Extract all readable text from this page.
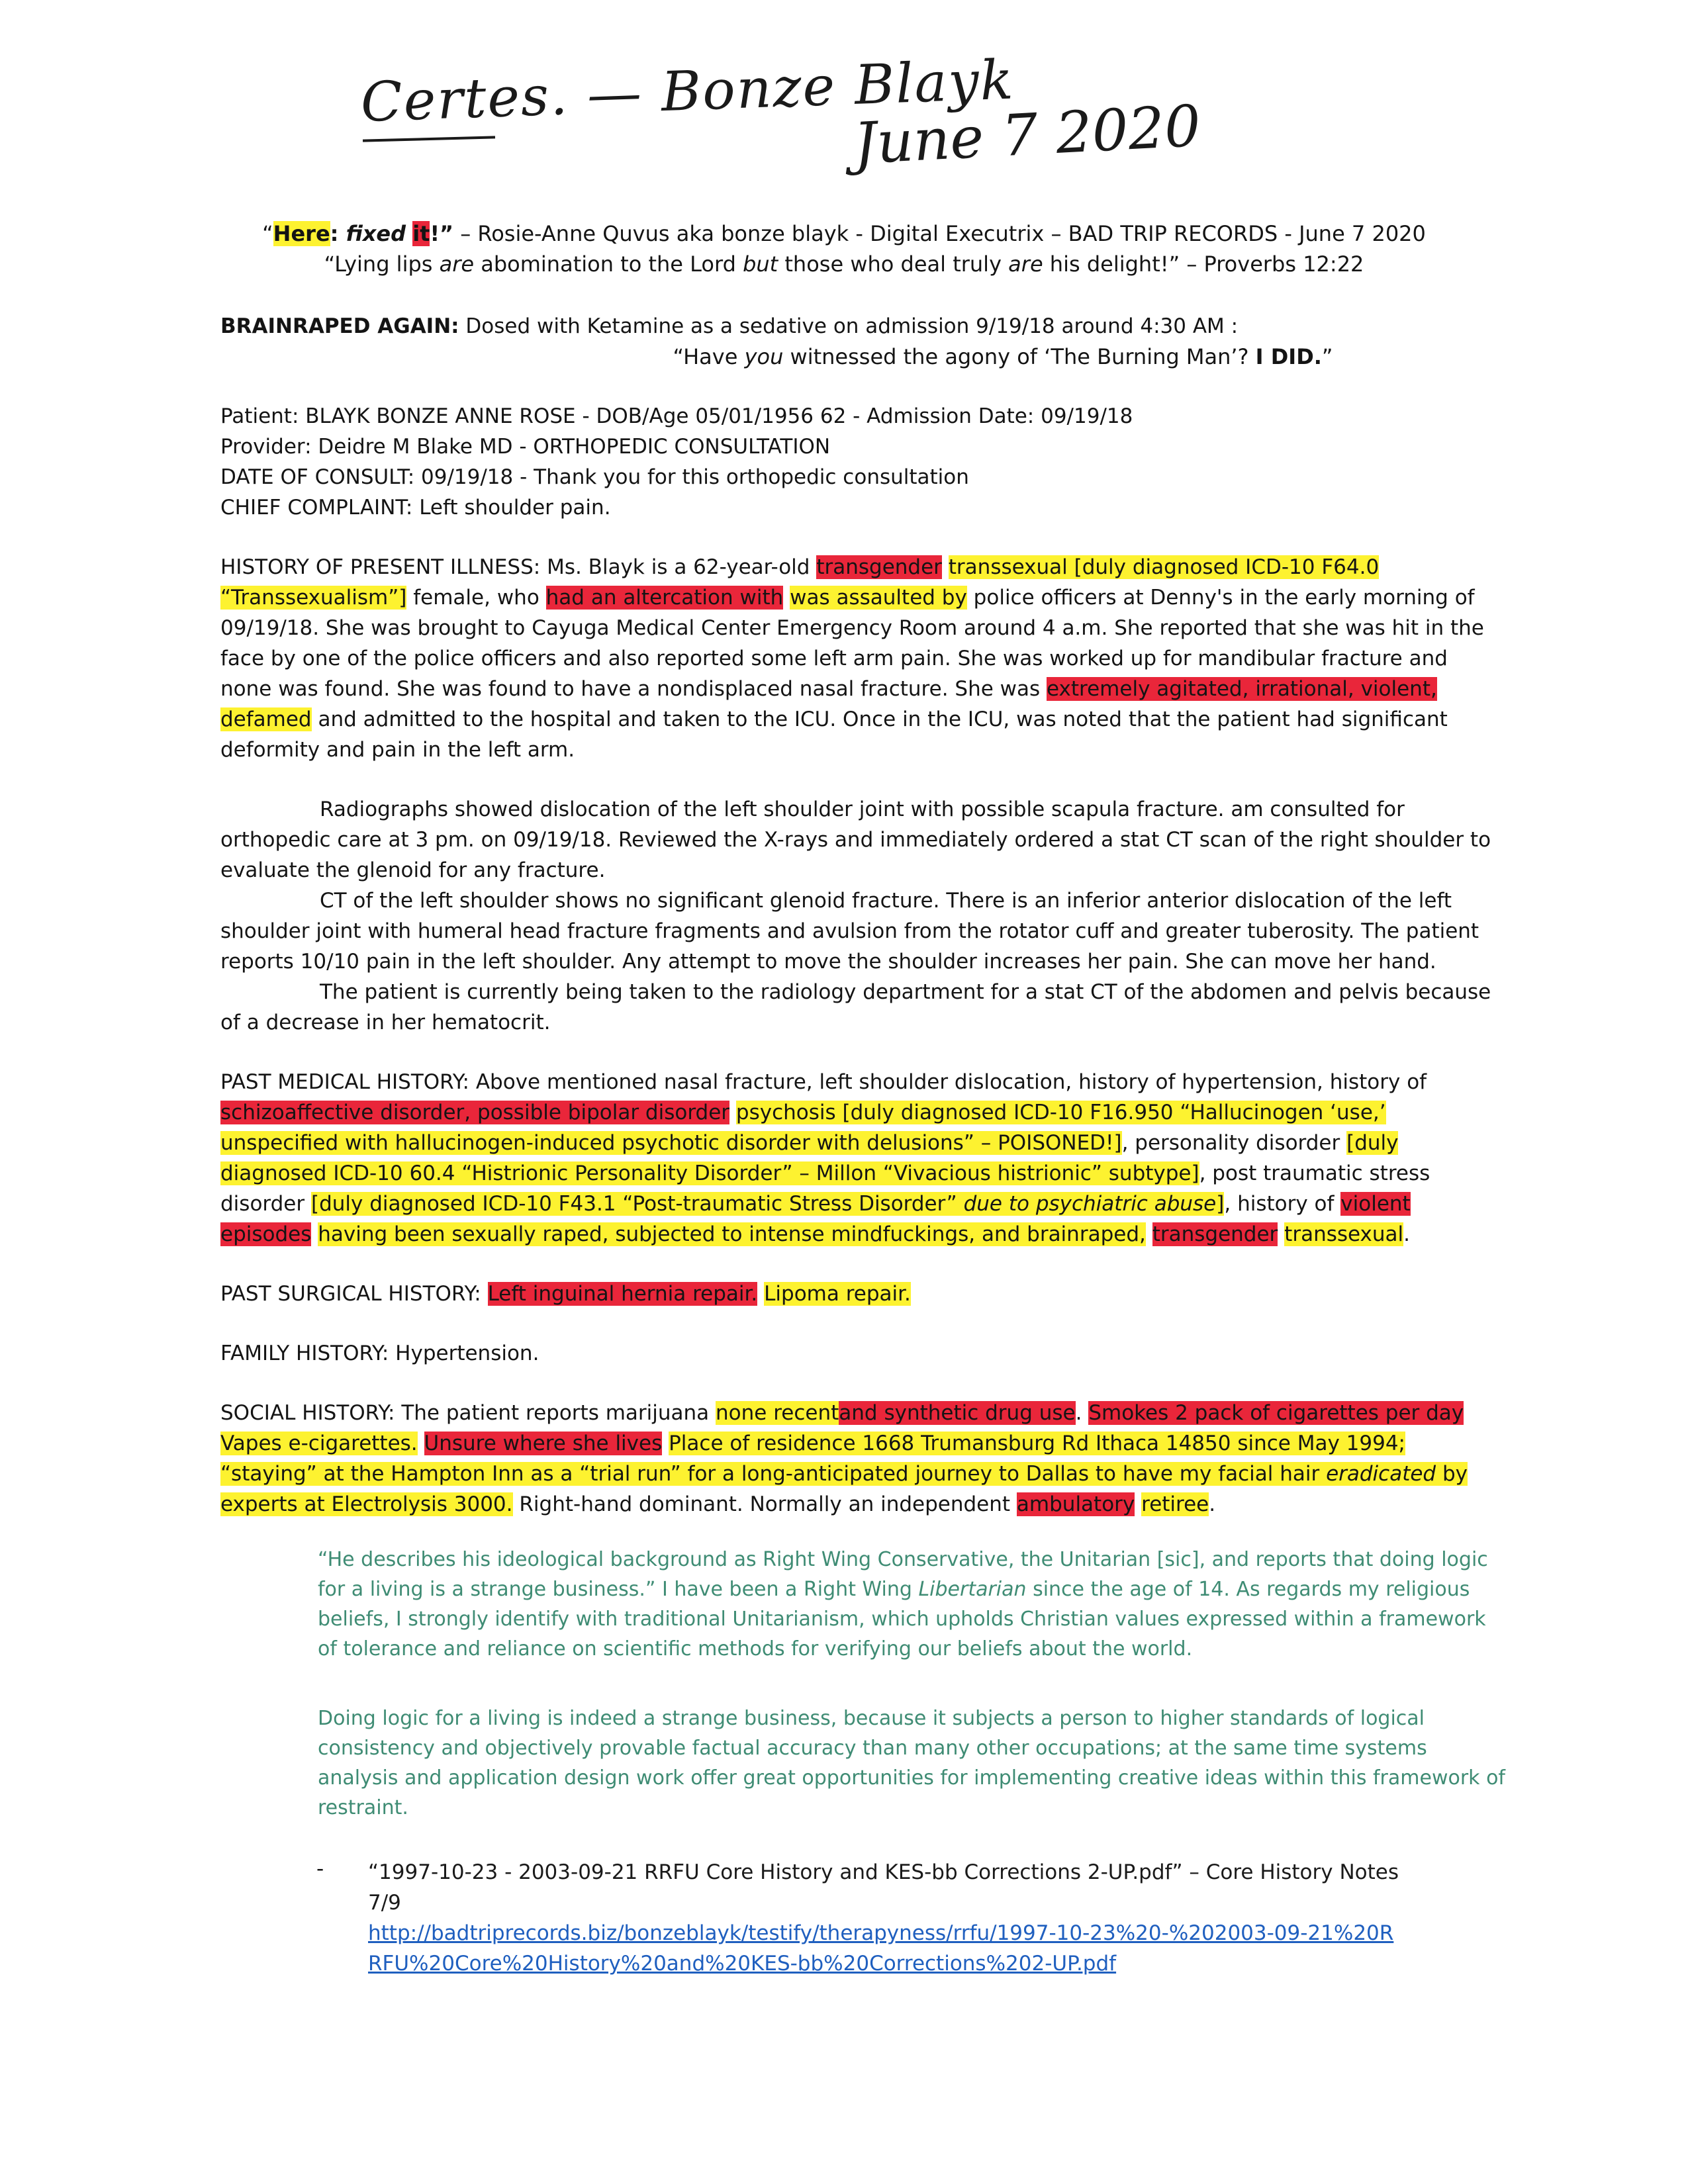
Certes. — Bonze Blayk
June 7 2020
“Here: fixed it!” – Rosie-Anne Quvus aka bonze blayk - Digital Executrix – BAD TRIP RECORDS - June 7 2020
“Lying lips are abomination to the Lord but those who deal truly are his delight!” – Proverbs 12:22
BRAINRAPED AGAIN: Dosed with Ketamine as a sedative on admission 9/19/18 around 4:30 AM :
“Have you witnessed the agony of ‘The Burning Man’? I DID.”
Patient: BLAYK BONZE ANNE ROSE - DOB/Age 05/01/1956 62 - Admission Date: 09/19/18
Provider: Deidre M Blake MD - ORTHOPEDIC CONSULTATION
DATE OF CONSULT: 09/19/18 - Thank you for this orthopedic consultation
CHIEF COMPLAINT: Left shoulder pain.
HISTORY OF PRESENT ILLNESS: Ms. Blayk is a 62-year-old transgender transsexual [duly diagnosed ICD-10 F64.0 “Transsexualism”] female, who had an altercation with was assaulted by police officers at Denny's in the early morning of 09/19/18. She was brought to Cayuga Medical Center Emergency Room around 4 a.m. She reported that she was hit in the face by one of the police officers and also reported some left arm pain. She was worked up for mandibular fracture and none was found. She was found to have a nondisplaced nasal fracture. She was extremely agitated, irrational, violent, defamed and admitted to the hospital and taken to the ICU. Once in the ICU, was noted that the patient had significant deformity and pain in the left arm.
Radiographs showed dislocation of the left shoulder joint with possible scapula fracture. am consulted for orthopedic care at 3 pm. on 09/19/18. Reviewed the X-rays and immediately ordered a stat CT scan of the right shoulder to evaluate the glenoid for any fracture.
CT of the left shoulder shows no significant glenoid fracture. There is an inferior anterior dislocation of the left shoulder joint with humeral head fracture fragments and avulsion from the rotator cuff and greater tuberosity. The patient reports 10/10 pain in the left shoulder. Any attempt to move the shoulder increases her pain. She can move her hand.
The patient is currently being taken to the radiology department for a stat CT of the abdomen and pelvis because of a decrease in her hematocrit.
PAST MEDICAL HISTORY: Above mentioned nasal fracture, left shoulder dislocation, history of hypertension, history of schizoaffective disorder, possible bipolar disorder psychosis [duly diagnosed ICD-10 F16.950 “Hallucinogen ‘use,’ unspecified with hallucinogen-induced psychotic disorder with delusions” – POISONED!], personality disorder [duly diagnosed ICD-10 60.4 “Histrionic Personality Disorder” – Millon “Vivacious histrionic” subtype], post traumatic stress disorder [duly diagnosed ICD-10 F43.1 “Post-traumatic Stress Disorder” due to psychiatric abuse], history of violent episodes having been sexually raped, subjected to intense mindfuckings, and brainraped, transgender transsexual.
PAST SURGICAL HISTORY: Left inguinal hernia repair. Lipoma repair.
FAMILY HISTORY: Hypertension.
SOCIAL HISTORY: The patient reports marijuana none recentand synthetic drug use. Smokes 2 pack of cigarettes per day Vapes e-cigarettes. Unsure where she lives Place of residence 1668 Trumansburg Rd Ithaca 14850 since May 1994; “staying” at the Hampton Inn as a “trial run” for a long-anticipated journey to Dallas to have my facial hair eradicated by experts at Electrolysis 3000. Right-hand dominant. Normally an independent ambulatory retiree.
“He describes his ideological background as Right Wing Conservative, the Unitarian [sic], and reports that doing logic for a living is a strange business.” I have been a Right Wing Libertarian since the age of 14. As regards my religious beliefs, I strongly identify with traditional Unitarianism, which upholds Christian values expressed within a framework of tolerance and reliance on scientific methods for verifying our beliefs about the world.
Doing logic for a living is indeed a strange business, because it subjects a person to higher standards of logical consistency and objectively provable factual accuracy than many other occupations; at the same time systems analysis and application design work offer great opportunities for implementing creative ideas within this framework of restraint.
- “1997-10-23 - 2003-09-21 RRFU Core History and KES-bb Corrections 2-UP.pdf” – Core History Notes 7/9
http://badtriprecords.biz/bonzeblayk/testify/therapyness/rrfu/1997-10-23%20-%202003-09-21%20RRFU%20Core%20History%20and%20KES-bb%20Corrections%202-UP.pdf
